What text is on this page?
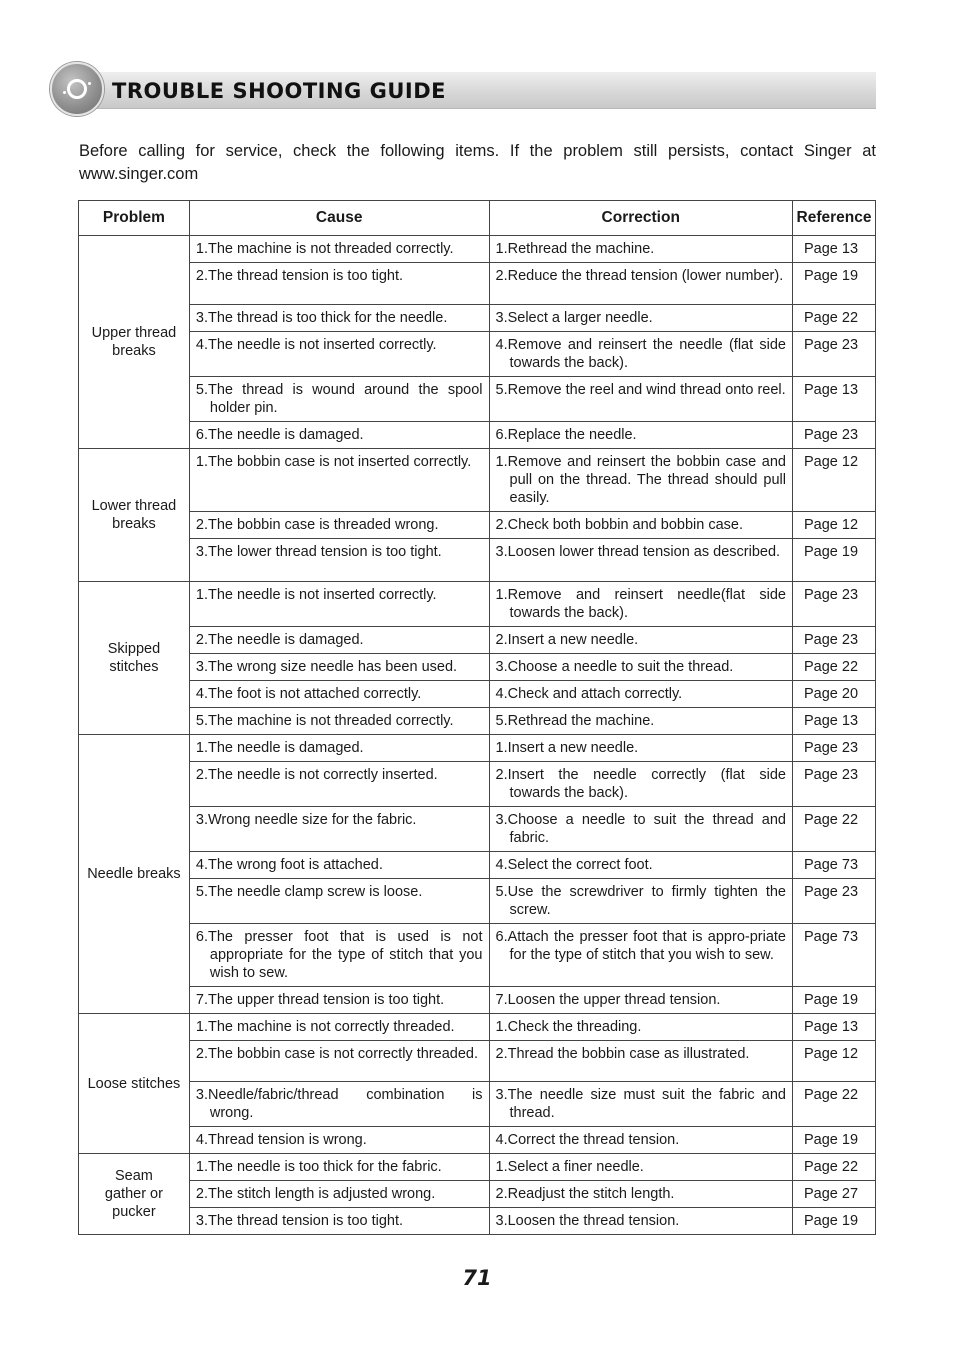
TROUBLE SHOOTING GUIDE

Before calling for service, check the following items. If the problem still persists, contact Singer at www.singer.com

Problem	Cause	Correction	Reference
Upper thread
breaks	1.The machine is not threaded correctly.	1.Rethread the machine.	Page 13

	2.The thread tension is too tight.	2.Reduce the thread tension (lower number).	Page 19

	3.The thread is too thick for the needle.	3.Select a larger needle.	Page 22

	4.The needle is not inserted correctly.	4.Remove and reinsert the needle (flat side towards the back).	Page 23

	5.The thread is wound around the spool holder pin.	5.Remove the reel and wind thread onto reel.	Page 13

	6.The needle is damaged.	6.Replace the needle.	Page 23
Lower thread
breaks	1.The bobbin case is not inserted correctly.	1.Remove and reinsert the bobbin case and pull on the thread. The thread should pull easily.	Page 12

	2.The bobbin case is threaded wrong.	2.Check both bobbin and bobbin case.	Page 12

	3.The lower thread tension is too tight.	3.Loosen lower thread tension as described.	Page 19
Skipped
stitches	1.The needle is not inserted correctly.	1.Remove and reinsert needle(flat side towards the back).	Page 23

	2.The needle is damaged.	2.Insert a new needle.	Page 23

	3.The wrong size needle has been used.	3.Choose a needle to suit the thread.	Page 22

	4.The foot is not attached correctly.	4.Check and attach correctly.	Page 20

	5.The machine is not threaded correctly.	5.Rethread the machine.	Page 13
Needle breaks	1.The needle is damaged.	1.Insert a new needle.	Page 23

	2.The needle is not correctly inserted.	2.Insert the needle correctly (flat side towards the back).	Page 23

	3.Wrong needle size for the fabric.	3.Choose a needle to suit the thread and fabric.	Page 22

	4.The wrong foot is attached.	4.Select the correct foot.	Page 73

	5.The needle clamp screw is loose.	5.Use the screwdriver to firmly tighten the screw.	Page 23

	6.The presser foot that is used is not appropriate for the type of stitch that you wish to sew.	6.Attach the presser foot that is appro-priate for the type of stitch that you wish to sew.	Page 73

	7.The upper thread tension is too tight.	7.Loosen the upper thread tension.	Page 19
Loose stitches	1.The machine is not correctly threaded.	1.Check the threading.	Page 13

	2.The bobbin case is not correctly threaded.	2.Thread the bobbin case as illustrated.	Page 12

	3.Needle/fabric/thread combination is wrong.	3.The needle size must suit the fabric and thread.	Page 22

	4.Thread tension is wrong.	4.Correct the thread tension.	Page 19
Seam
gather or
pucker	1.The needle is too thick for the fabric.	1.Select a finer needle.	Page 22

	2.The stitch length is adjusted wrong.	2.Readjust the stitch length.	Page 27

	3.The thread tension is too tight.	3.Loosen the thread tension.	Page 19
71
